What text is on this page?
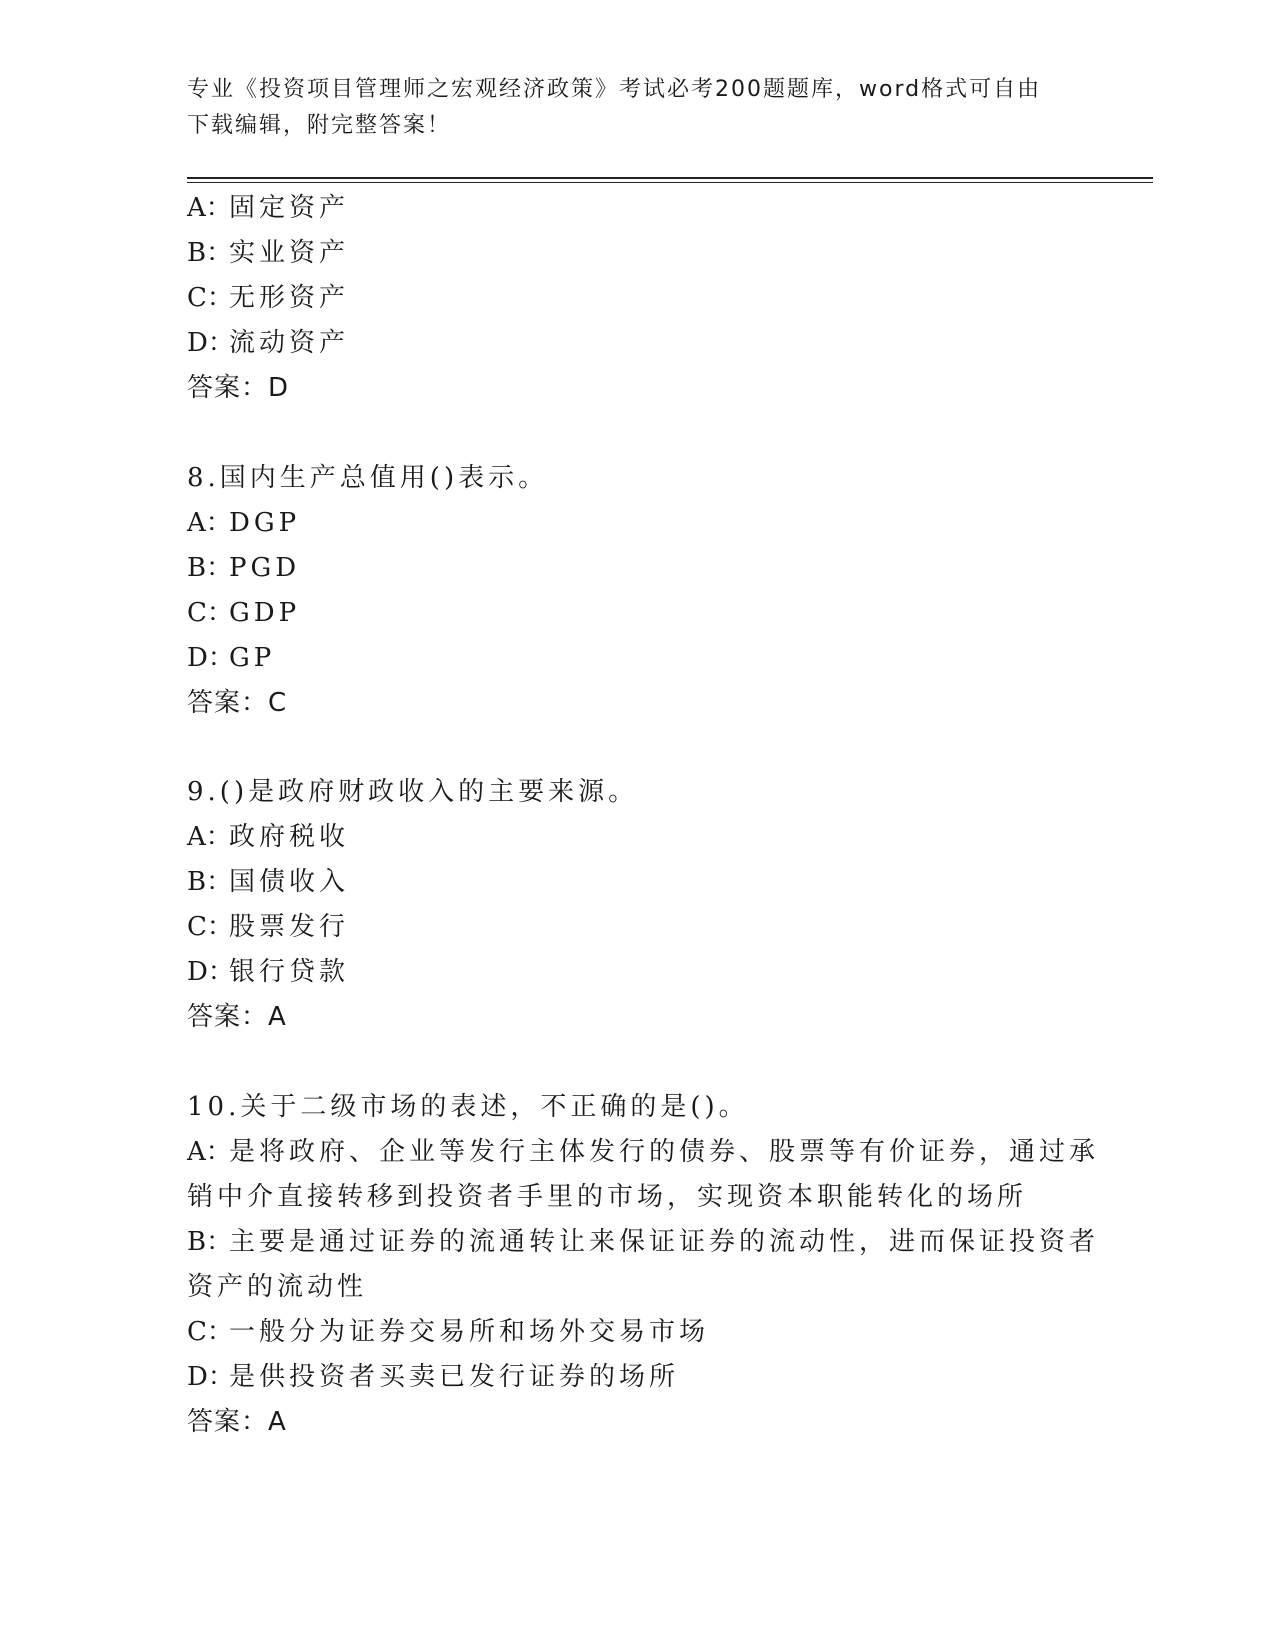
专业《投资项目管理师之宏观经济政策》考试必考200题题库，word格式可自由
下载编辑，附完整答案！
A：固定资产
B：实业资产
C：无形资产
D：流动资产
答案：D
8.国内生产总值用()表示。
A：DGP
B：PGD
C：GDP
D：GP
答案：C
9.()是政府财政收入的主要来源。
A：政府税收
B：国债收入
C：股票发行
D：银行贷款
答案：A
10.关于二级市场的表述，不正确的是()。
A：是将政府、企业等发行主体发行的债券、股票等有价证券，通过承
销中介直接转移到投资者手里的市场，实现资本职能转化的场所
B：主要是通过证券的流通转让来保证证券的流动性，进而保证投资者
资产的流动性
C：一般分为证券交易所和场外交易市场
D：是供投资者买卖已发行证券的场所
答案：A
